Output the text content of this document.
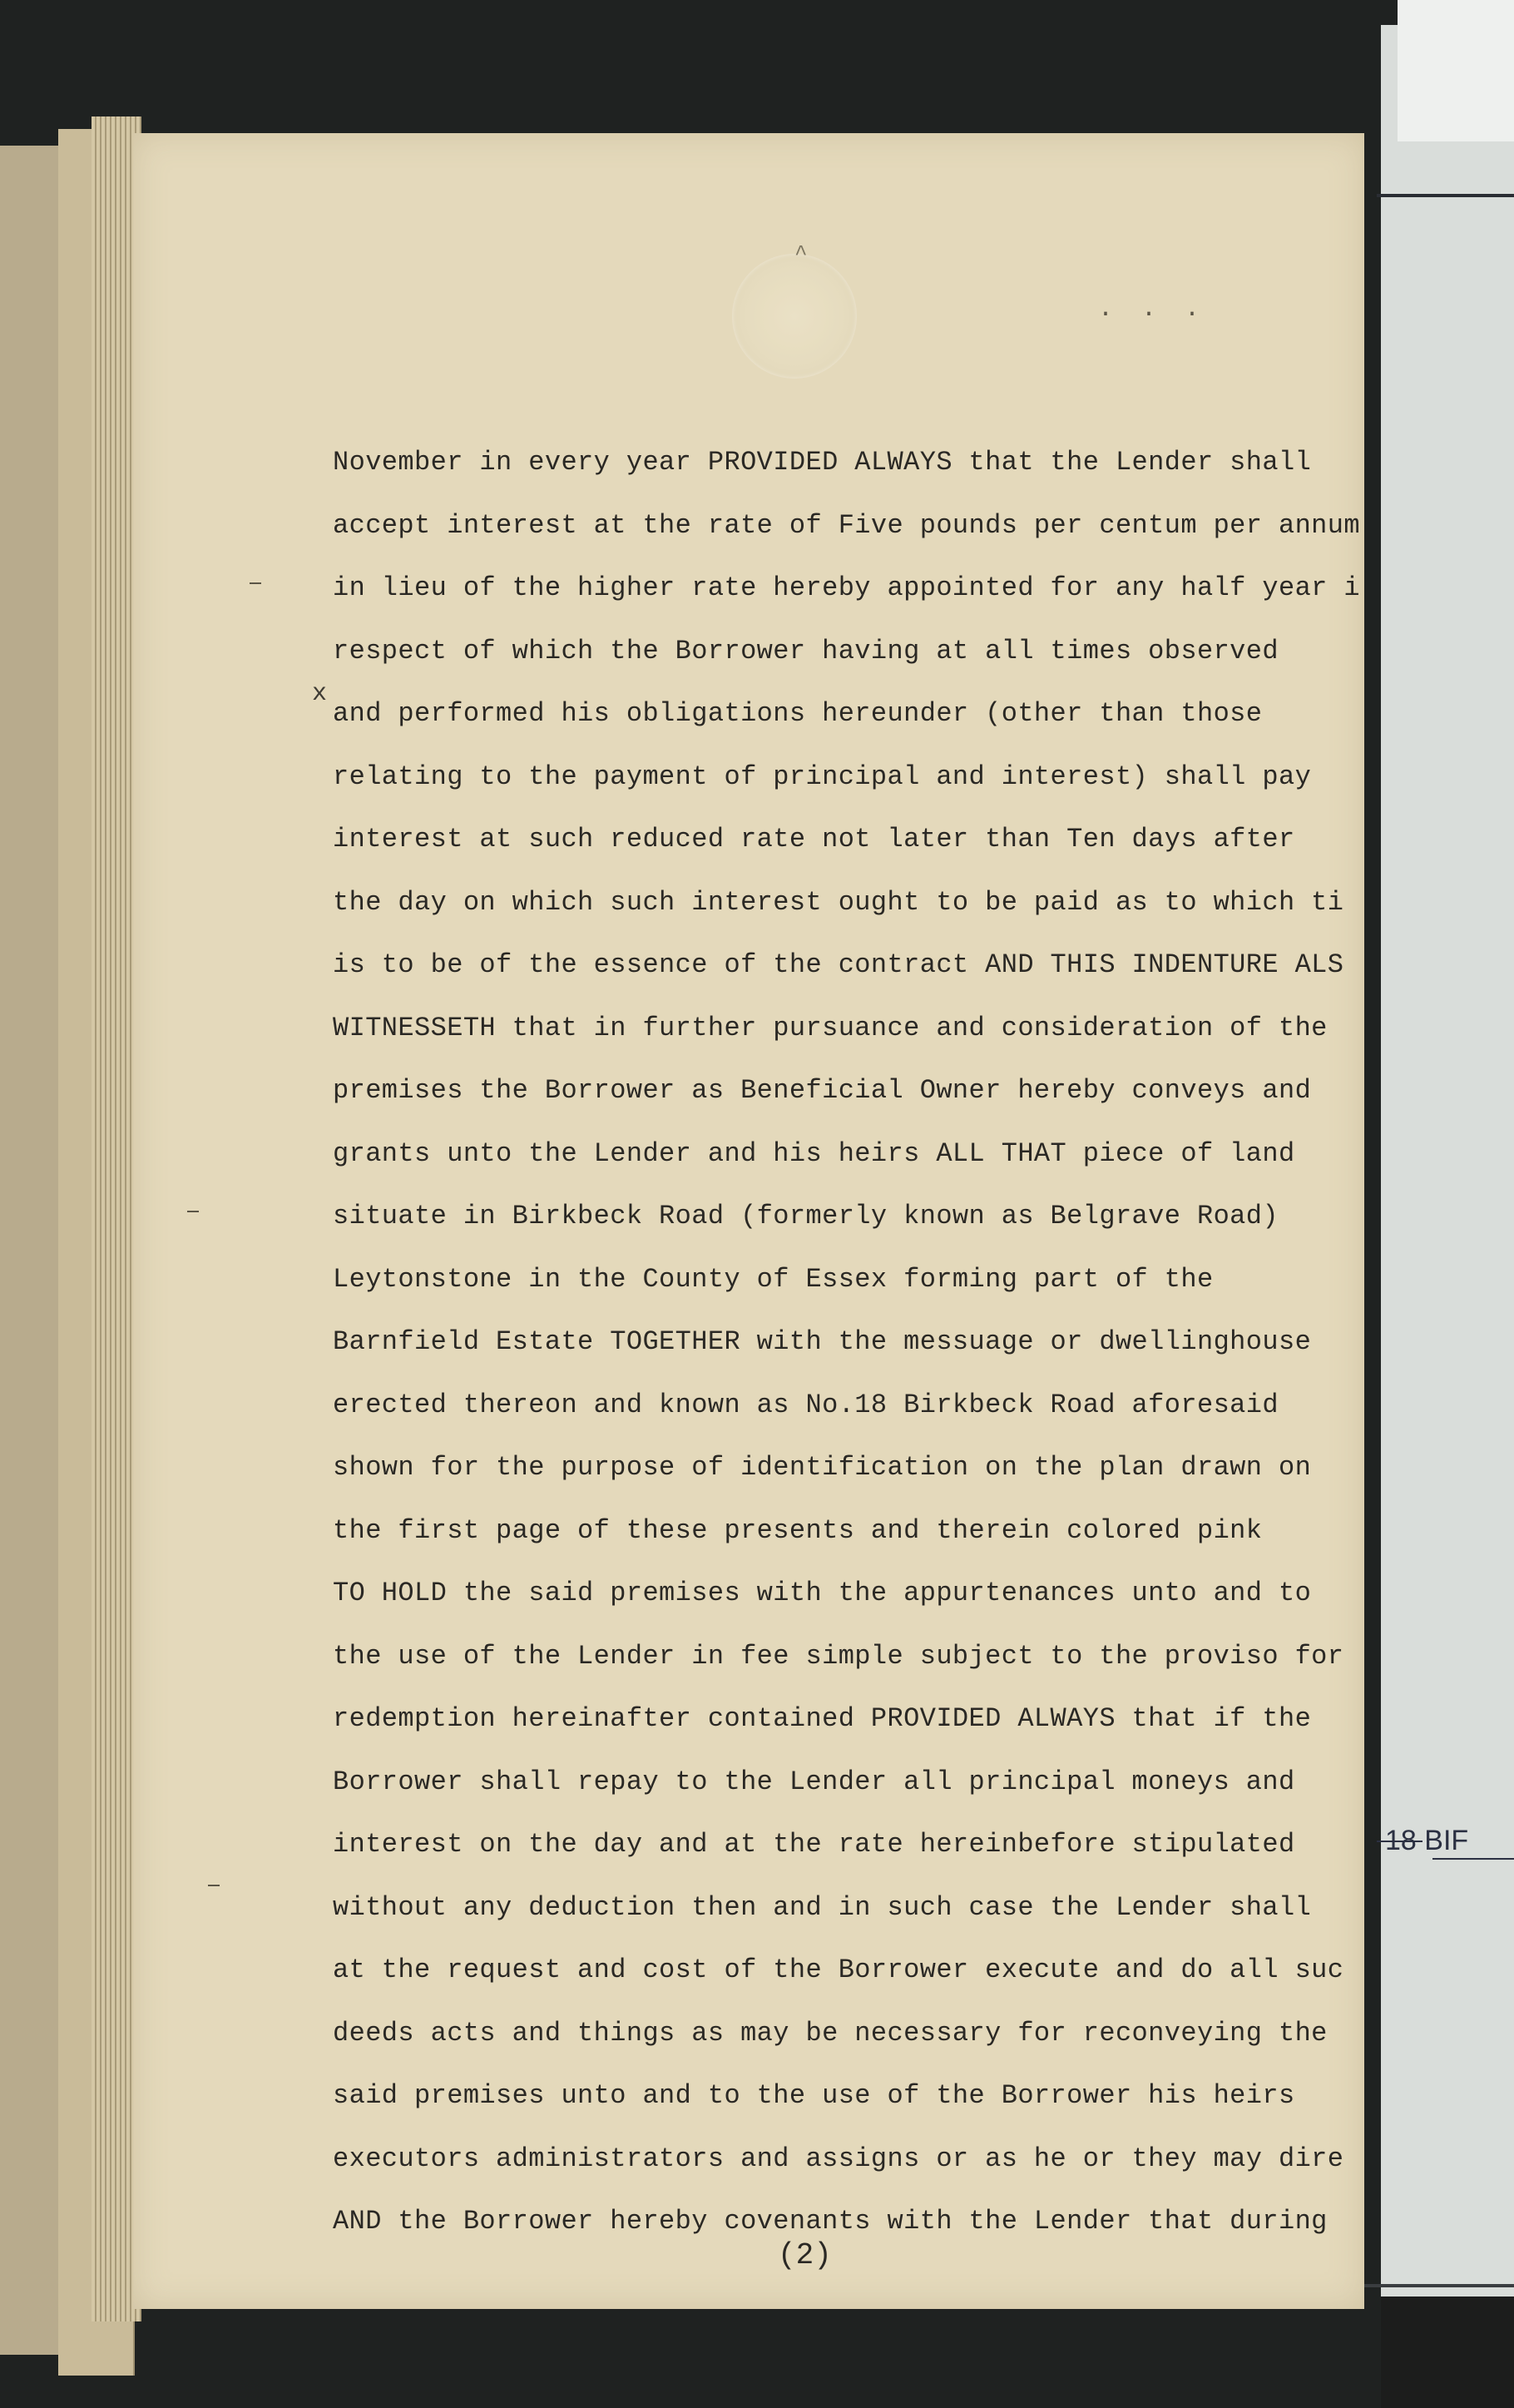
18 BIF
^
. . .
x
November in every year PROVIDED ALWAYS that the Lender shall
accept interest at the rate of Five pounds per centum per annum
in lieu of the higher rate hereby appointed for any half year i
respect of which the Borrower having at all times observed
and performed his obligations hereunder (other than those
relating to the payment of principal and interest) shall pay
interest at such reduced rate not later than Ten days after
the day on which such interest ought to be paid as to which ti
is to be of the essence of the contract AND THIS INDENTURE ALS
WITNESSETH that in further pursuance and consideration of the
premises the Borrower as Beneficial Owner hereby conveys and
grants unto the Lender and his heirs ALL THAT piece of land
situate in Birkbeck Road (formerly known as Belgrave Road)
Leytonstone in the County of Essex forming part of the
Barnfield Estate TOGETHER with the messuage or dwellinghouse
erected thereon and known as No.18 Birkbeck Road aforesaid
shown for the purpose of identification on the plan drawn on
the first page of these presents and therein colored pink
TO HOLD the said premises with the appurtenances unto and to
the use of the Lender in fee simple subject to the proviso for
redemption hereinafter contained PROVIDED ALWAYS that if the
Borrower shall repay to the Lender all principal moneys and
interest on the day and at the rate hereinbefore stipulated
without any deduction then and in such case the Lender shall
at the request and cost of the Borrower execute and do all suc
deeds acts and things as may be necessary for reconveying the
said premises unto and to the use of the Borrower his heirs
executors administrators and assigns or as he or they may dire
AND the Borrower hereby covenants with the Lender that during
(2)
